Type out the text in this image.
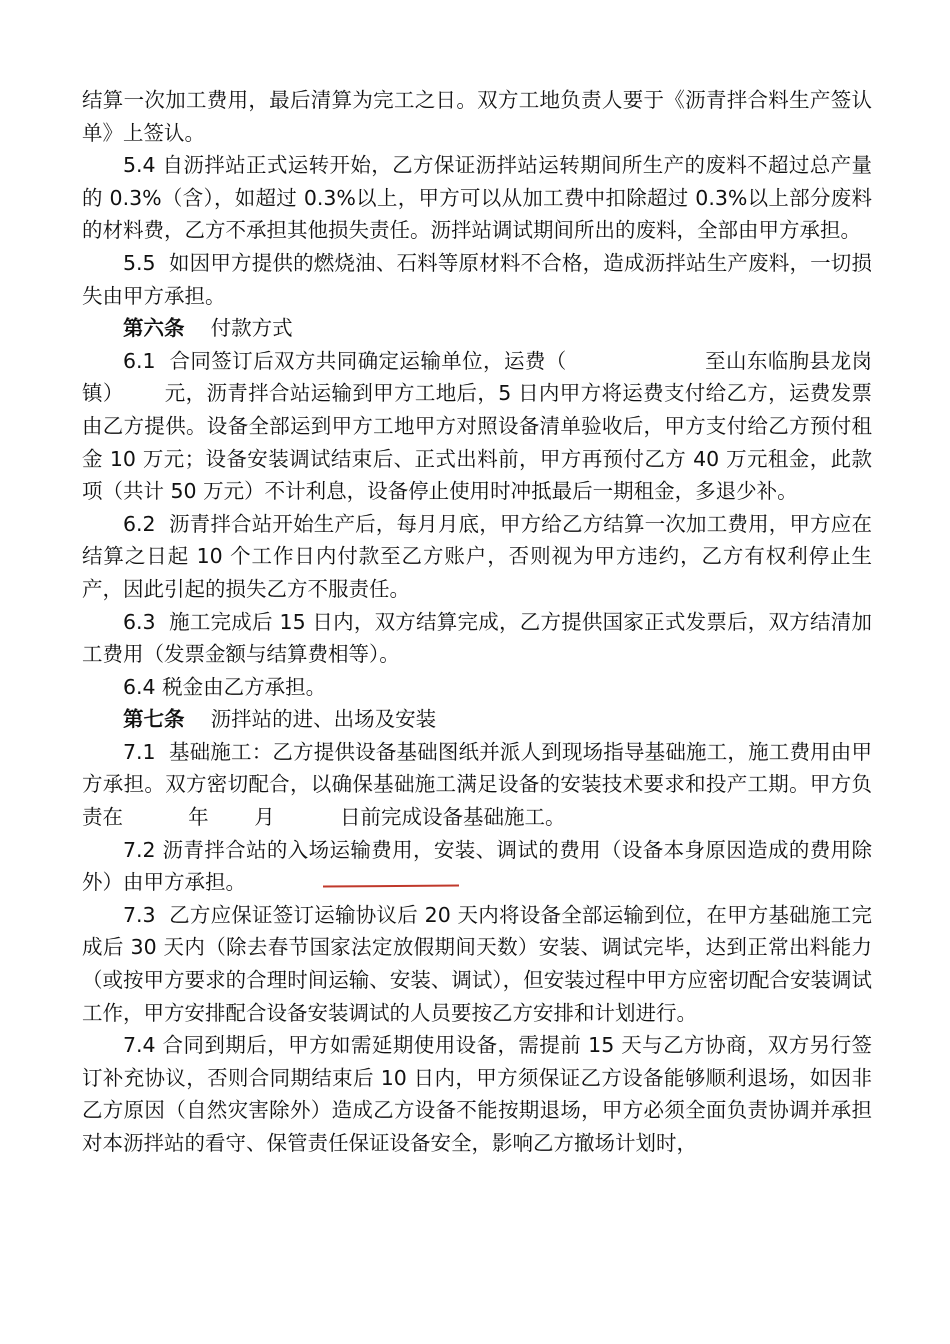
结算一次加工费用，最后清算为完工之日。双方工地负责人要于《沥青拌合料生产签认单》上签认。

5.4 自沥拌站正式运转开始，乙方保证沥拌站运转期间所生产的废料不超过总产量的 0.3%（含），如超过 0.3%以上，甲方可以从加工费中扣除超过 0.3%以上部分废料的材料费，乙方不承担其他损失责任。沥拌站调试期间所出的废料，全部由甲方承担。

5.5  如因甲方提供的燃烧油、石料等原材料不合格，造成沥拌站生产废料，一切损失由甲方承担。

第六条 付款方式

6.1  合同签订后双方共同确定运输单位，运费（                    至山东临朐县龙岗镇）      元，沥青拌合站运输到甲方工地后，5 日内甲方将运费支付给乙方，运费发票由乙方提供。设备全部运到甲方工地甲方对照设备清单验收后，甲方支付给乙方预付租金 10 万元；设备安装调试结束后、正式出料前，甲方再预付乙方 40 万元租金，此款项（共计 50 万元）不计利息，设备停止使用时冲抵最后一期租金，多退少补。

6.2  沥青拌合站开始生产后，每月月底，甲方给乙方结算一次加工费用，甲方应在结算之日起 10 个工作日内付款至乙方账户，否则视为甲方违约，乙方有权利停止生产，因此引起的损失乙方不服责任。

6.3  施工完成后 15 日内，双方结算完成，乙方提供国家正式发票后，双方结清加工费用（发票金额与结算费相等）。

6.4 税金由乙方承担。

第七条 沥拌站的进、出场及安装

7.1  基础施工：乙方提供设备基础图纸并派人到现场指导基础施工，施工费用由甲方承担。双方密切配合，以确保基础施工满足设备的安装技术要求和投产工期。甲方负责在          年       月          日前完成设备基础施工。

7.2 沥青拌合站的入场运输费用，安装、调试的费用（设备本身原因造成的费用除外）由甲方承担。

7.3  乙方应保证签订运输协议后 20 天内将设备全部运输到位，在甲方基础施工完成后 30 天内（除去春节国家法定放假期间天数）安装、调试完毕，达到正常出料能力（或按甲方要求的合理时间运输、安装、调试），但安装过程中甲方应密切配合安装调试工作，甲方安排配合设备安装调试的人员要按乙方安排和计划进行。

7.4 合同到期后，甲方如需延期使用设备，需提前 15 天与乙方协商，双方另行签订补充协议，否则合同期结束后 10 日内，甲方须保证乙方设备能够顺利退场，如因非乙方原因（自然灾害除外）造成乙方设备不能按期退场，甲方必须全面负责协调并承担对本沥拌站的看守、保管责任保证设备安全，影响乙方撤场计划时，
